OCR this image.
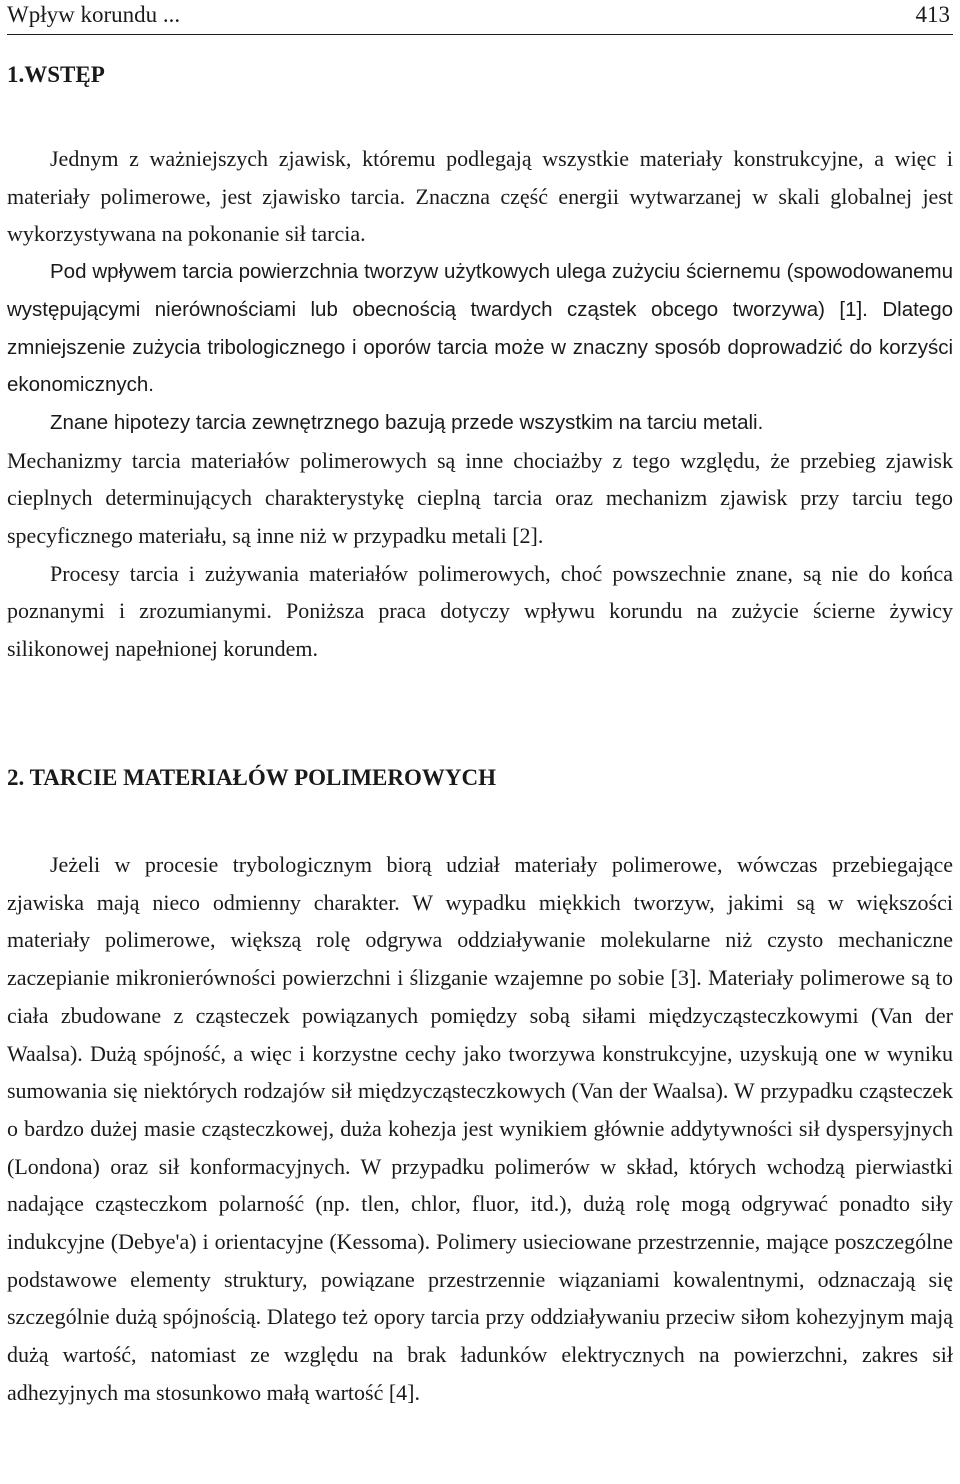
Wpływ korundu ...	413
1.WSTĘP

Jednym z ważniejszych zjawisk, któremu podlegają wszystkie materiały konstrukcyjne, a więc i materiały polimerowe, jest zjawisko tarcia. Znaczna część energii wytwarzanej w skali globalnej jest wykorzystywana na pokonanie sił tarcia.

Pod wpływem tarcia powierzchnia tworzyw użytkowych ulega zużyciu ściernemu (spowodowanemu występującymi nierównościami lub obecnością twardych cząstek obcego tworzywa) [1]. Dlatego zmniejszenie zużycia tribologicznego i oporów tarcia może w znaczny sposób doprowadzić do korzyści ekonomicznych.

Znane hipotezy tarcia zewnętrznego bazują przede wszystkim na tarciu metali.

Mechanizmy tarcia materiałów polimerowych są inne chociażby z tego względu, że przebieg zjawisk cieplnych determinujących charakterystykę cieplną tarcia oraz mechanizm zjawisk przy tarciu tego specyficznego materiału, są inne niż w przypadku metali [2].

Procesy tarcia i zużywania materiałów polimerowych, choć powszechnie znane, są nie do końca poznanymi i zrozumianymi. Poniższa praca dotyczy wpływu korundu na zużycie ścierne żywicy silikonowej napełnionej korundem.

2. TARCIE MATERIAŁÓW POLIMEROWYCH

Jeżeli w procesie trybologicznym biorą udział materiały polimerowe, wówczas przebiegające zjawiska mają nieco odmienny charakter. W wypadku miękkich tworzyw, jakimi są w większości materiały polimerowe, większą rolę odgrywa oddziaływanie molekularne niż czysto mechaniczne zaczepianie mikronierówności powierzchni i ślizganie wzajemne po sobie [3]. Materiały polimerowe są to ciała zbudowane z cząsteczek powiązanych pomiędzy sobą siłami międzycząsteczkowymi (Van der Waalsa). Dużą spójność, a więc i korzystne cechy jako tworzywa konstrukcyjne, uzyskują one w wyniku sumowania się niektórych rodzajów sił międzycząsteczkowych (Van der Waalsa). W przypadku cząsteczek o bardzo dużej masie cząsteczkowej, duża kohezja jest wynikiem głównie addytywności sił dyspersyjnych (Londona) oraz sił konformacyjnych. W przypadku polimerów w skład, których wchodzą pierwiastki nadające cząsteczkom polarność (np. tlen, chlor, fluor, itd.), dużą rolę mogą odgrywać ponadto siły indukcyjne (Debye'a) i orientacyjne (Kessoma). Polimery usieciowane przestrzennie, mające poszczególne podstawowe elementy struktury, powiązane przestrzennie wiązaniami kowalentnymi, odznaczają się szczególnie dużą spójnością. Dlatego też opory tarcia przy oddziaływaniu przeciw siłom kohezyjnym mają dużą wartość, natomiast ze względu na brak ładunków elektrycznych na powierzchni, zakres sił adhezyjnych ma stosunkowo małą wartość [4].
